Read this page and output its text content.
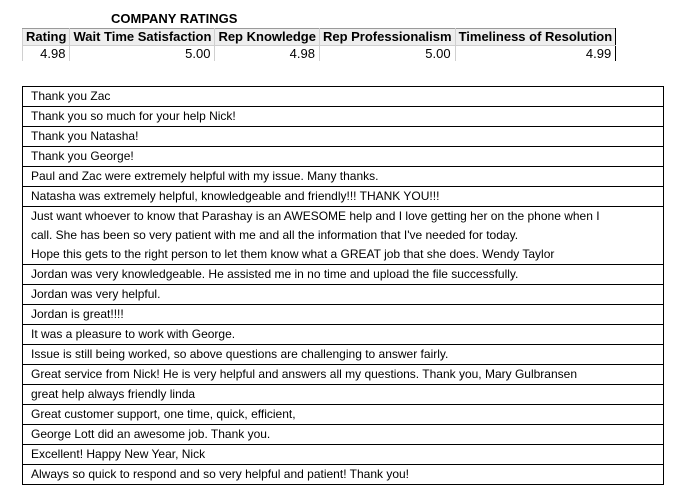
COMPANY RATINGS
Rating	Wait Time Satisfaction	Rep Knowledge	Rep Professionalism	Timeliness of Resolution
4.98	5.00	4.98	5.00	4.99
Thank you Zac

Thank you so much for your help Nick!

Thank you Natasha!

Thank you George!

Paul and Zac were extremely helpful with my issue. Many thanks.

Natasha was extremely helpful, knowledgeable and friendly!!! THANK YOU!!!

Just want whoever to know that Parashay is an AWESOME help and I love getting her on the phone when I
call. She has been so very patient with me and all the information that I've needed for today.
Hope this gets to the right person to let them know what a GREAT job that she does. Wendy Taylor

Jordan was very knowledgeable. He assisted me in no time and upload the file successfully.

Jordan was very helpful.

Jordan is great!!!!

It was a pleasure to work with George.

Issue is still being worked, so above questions are challenging to answer fairly.

Great service from Nick! He is very helpful and answers all my questions. Thank you, Mary Gulbransen

great help always friendly linda

Great customer support, one time, quick, efficient,

George Lott did an awesome job. Thank you.

Excellent! Happy New Year, Nick

Always so quick to respond and so very helpful and patient! Thank you!
